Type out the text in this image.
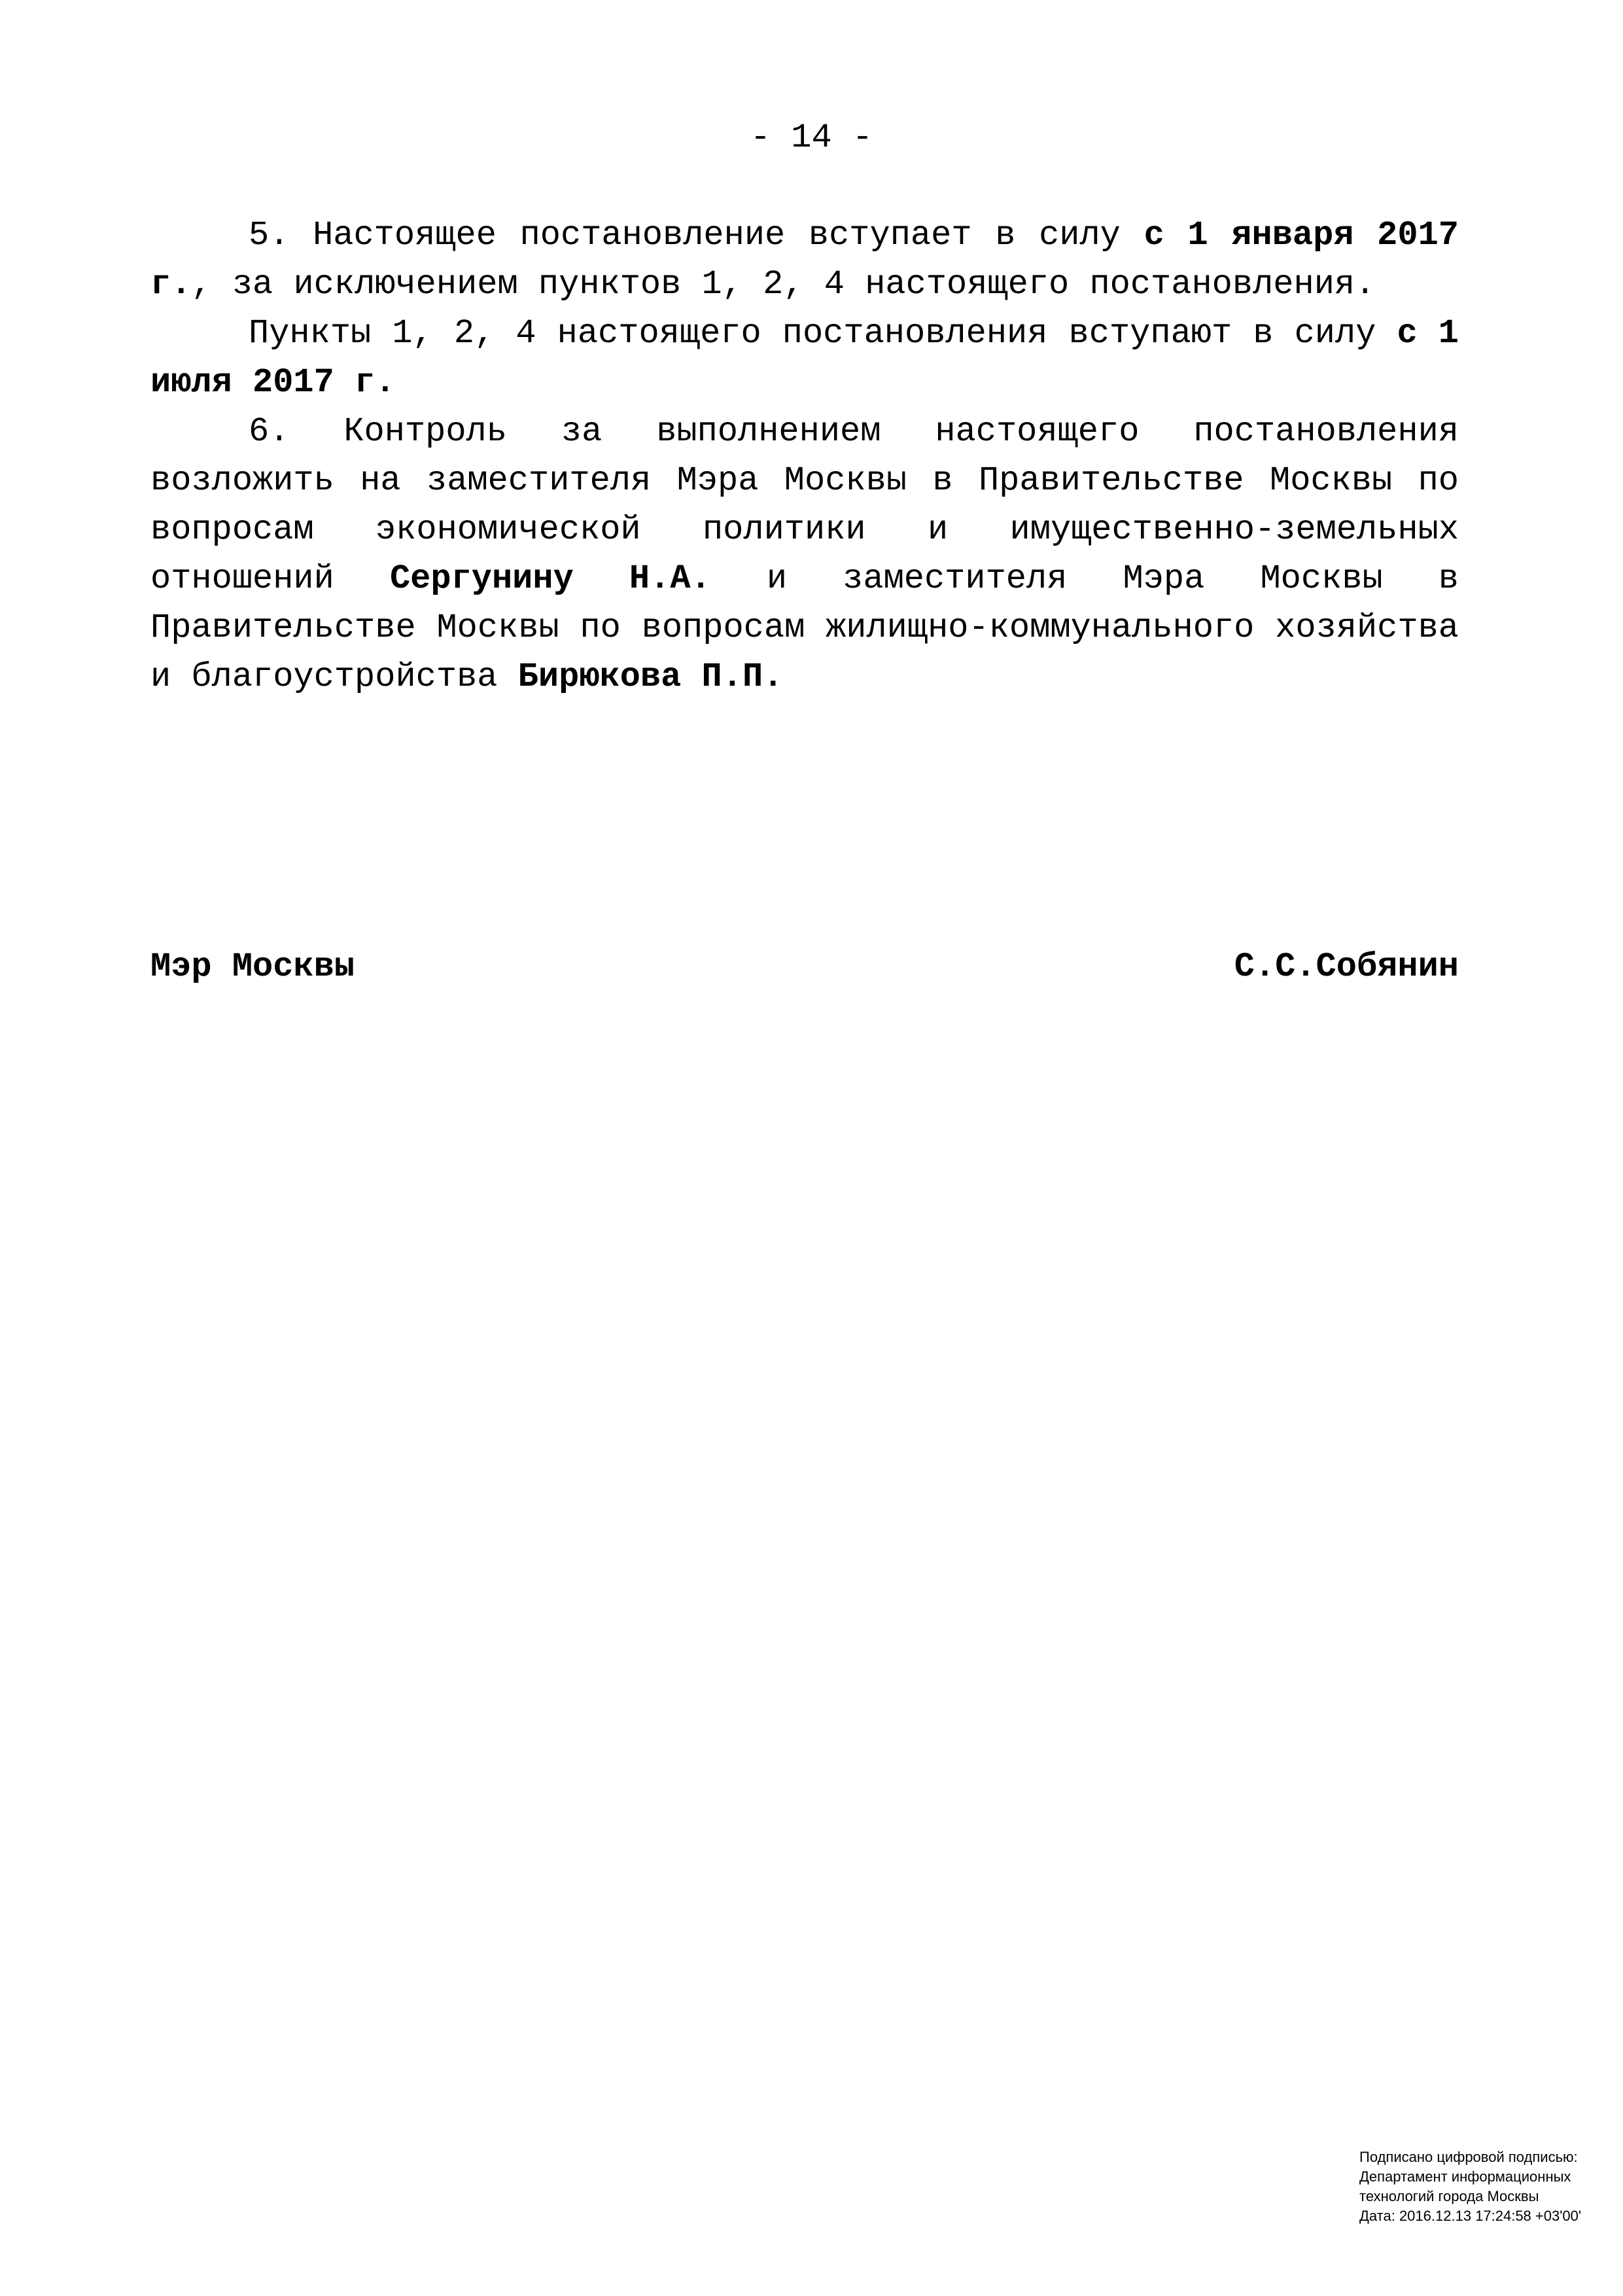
- 14 -

5. Настоящее постановление вступает в силу с 1 января 2017 г., за исключением пунктов 1, 2, 4 настоящего постановления.

Пункты 1, 2, 4 настоящего постановления вступают в силу с 1 июля 2017 г.

6. Контроль за выполнением настоящего постановления возложить на заместителя Мэра Москвы в Правительстве Москвы по вопросам экономической политики и имущественно-земельных отношений Сергунину Н.А. и заместителя Мэра Москвы в Правительстве Москвы по вопросам жилищно-коммунального хозяйства и благоустройства Бирюкова П.П.

Мэр Москвы	С.С.Собянин
Подписано цифровой подписью:
Департамент информационных
технологий города Москвы
Дата: 2016.12.13 17:24:58 +03'00'
